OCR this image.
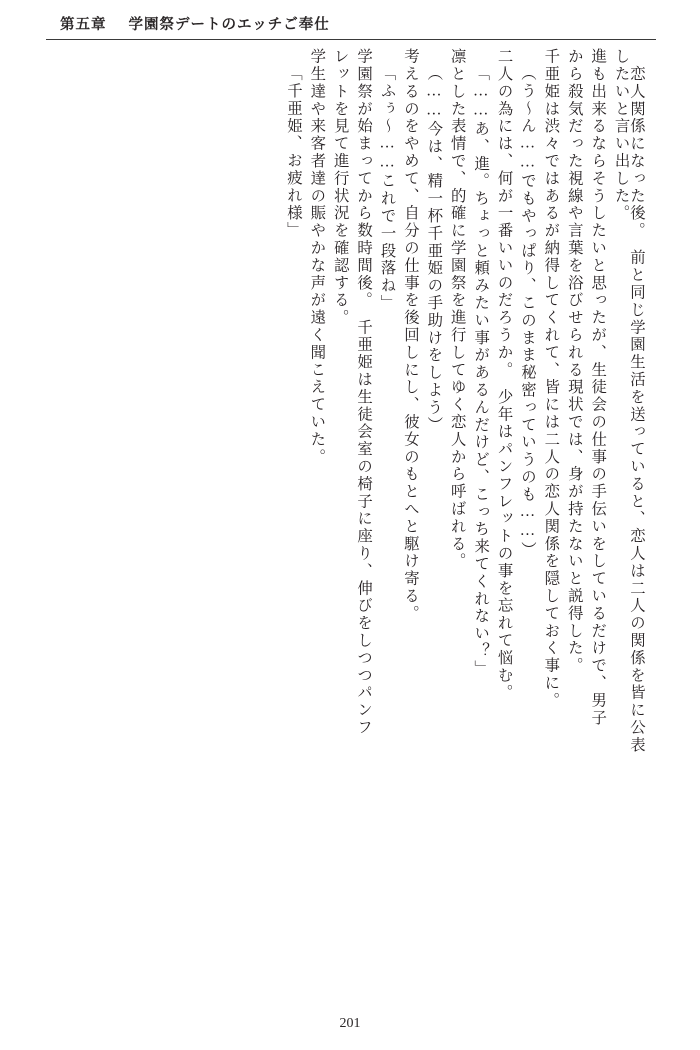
第五章 学園祭デートのエッチご奉仕
「千亜姫、お疲れ様」 学生達や来客者達の賑やかな声が遠く聞こえていた。 レットを見て進行状況を確認する。 学園祭が始まってから数時間後。　千亜姫は生徒会室の椅子に座り、伸びをしつつパンフ 「ふぅ〜……これで一段落ね」 考えるのをやめて、自分の仕事を後回しにし、彼女のもとへと駆け寄る。 （……今は、精一杯千亜姫の手助けをしよう） 凛とした表情で、的確に学園祭を進行してゆく恋人から呼ばれる。 「……あ、進。ちょっと頼みたい事があるんだけど、こっち来てくれない？」 二人の為には、何が一番いいのだろうか。　少年はパンフレットの事を忘れて悩む。 （う〜ん……でもやっぱり、このまま秘密っていうのも……） 千亜姫は渋々ではあるが納得してくれて、皆には二人の恋人関係を隠しておく事に。 から殺気だった視線や言葉を浴びせられる現状では、身が持たないと説得した。 進も出来るならそうしたいと思ったが、生徒会の仕事の手伝いをしているだけで、男子 したいと言い出した。
　恋人関係になった後。　前と同じ学園生活を送っていると、恋人は二人の関係を皆に公表
201
